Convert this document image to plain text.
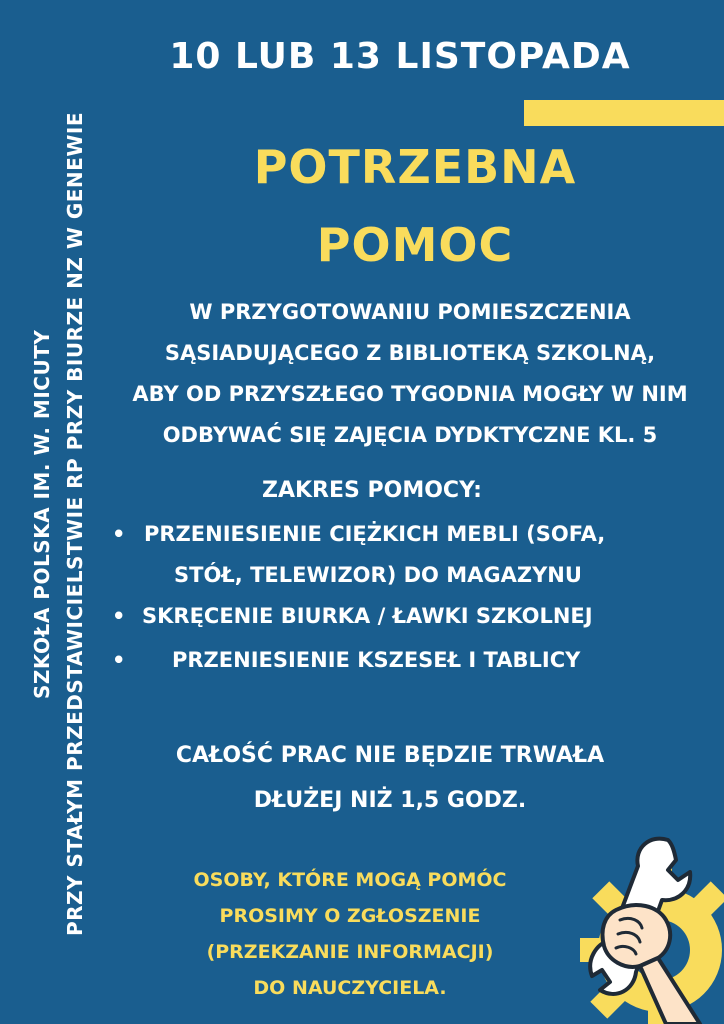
SZKOŁA POLSKA IM. W. MICUTY PRZY STAŁYM PRZEDSTAWICIELSTWIE RP PRZY BIURZE NZ W GENEWIE
10 LUB 13 LISTOPADA
POTRZEBNA
POMOC
W PRZYGOTOWANIU POMIESZCZENIA
SĄSIADUJĄCEGO Z BIBLIOTEKĄ SZKOLNĄ,
ABY OD PRZYSZŁEGO TYGODNIA MOGŁY W NIM
ODBYWAĆ SIĘ ZAJĘCIA DYDKTYCZNE KL. 5
ZAKRES POMOCY:
• PRZENIESIENIE CIĘŻKICH MEBLI (SOFA,
STÓŁ, TELEWIZOR) DO MAGAZYNU
• SKRĘCENIE BIURKA / ŁAWKI SZKOLNEJ
• PRZENIESIENIE KSZESEŁ I TABLICY
CAŁOŚĆ PRAC NIE BĘDZIE TRWAŁA
DŁUŻEJ NIŻ 1,5 GODZ.
OSOBY, KTÓRE MOGĄ POMÓC
PROSIMY O ZGŁOSZENIE
(PRZEKZANIE INFORMACJI)
DO NAUCZYCIELA.
